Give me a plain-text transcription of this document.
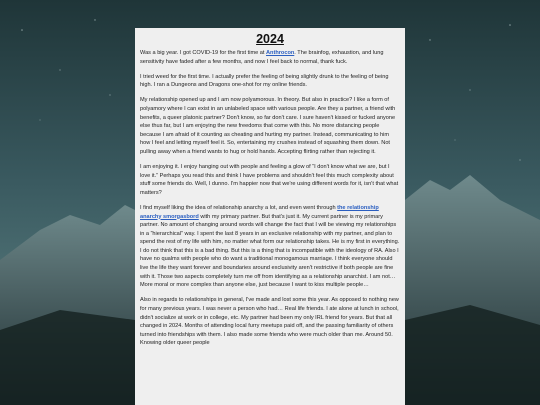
2024

Was a big year. I got COVID-19 for the first time at Anthrocon. The brainfog, exhaustion, and lung sensitivity have faded after a few months, and now I feel back to normal, thank fuck.

I tried weed for the first time. I actually prefer the feeling of being slightly drunk to the feeling of being high. I ran a Dungeons and Dragons one-shot for my online friends.

My relationship opened up and I am now polyamorous. In theory. But also in practice? I like a form of polyamory where I can exist in an unlabeled space with various people. Are they a partner, a friend with benefits, a queer platonic partner? Don't know, so far don't care. I sure haven't kissed or fucked anyone else thus far, but I am enjoying the new freedoms that come with this. No more distancing people because I am afraid of it counting as cheating and hurting my partner. Instead, communicating to him how I feel and letting myself feel it. So, entertaining my crushes instead of squashing them down. Not pulling away when a friend wants to hug or hold hands. Accepting flirting rather than rejecting it.

I am enjoying it. I enjoy hanging out with people and feeling a glow of “I don't know what we are, but I love it.” Perhaps you read this and think I have problems and shouldn't feel this much complexity about stuff some friends do. Well, I dunno. I'm happier now that we're using different words for it, isn't that what matters?

I find myself liking the idea of relationship anarchy a lot, and even went through the relationship anarchy smorgasbord with my primary partner. But that's just it. My current partner is my primary partner. No amount of changing around words will change the fact that I will be viewing my relationships in a “hierarchical” way. I spent the last 8 years in an exclusive relationship with my partner, and plan to spend the rest of my life with him, no matter what form our relationship takes. He is my first in everything. I do not think that this is a bad thing. But this is a thing that is incompatible with the ideology of RA. Also I have no qualms with people who do want a traditional monogamous marriage. I think everyone should live the life they want forever and boundaries around exclusivity aren't restrictive if both people are fine with it. Those two aspects completely turn me off from identifying as a relationship anarchist. I am not… More moral or more complex than anyone else, just because I want to kiss multiple people…

Also in regards to relationships in general, I've made and lost some this year. As opposed to nothing new for many previous years. I was never a person who had… Real life friends. I ate alone at lunch in school, didn't socialize at work or in college, etc. My partner had been my only IRL friend for years. But that all changed in 2024. Months of attending local furry meetups paid off, and the passing familiarity of others turned into friendships with them. I also made some friends who were much older than me. Around 50. Knowing older queer people
